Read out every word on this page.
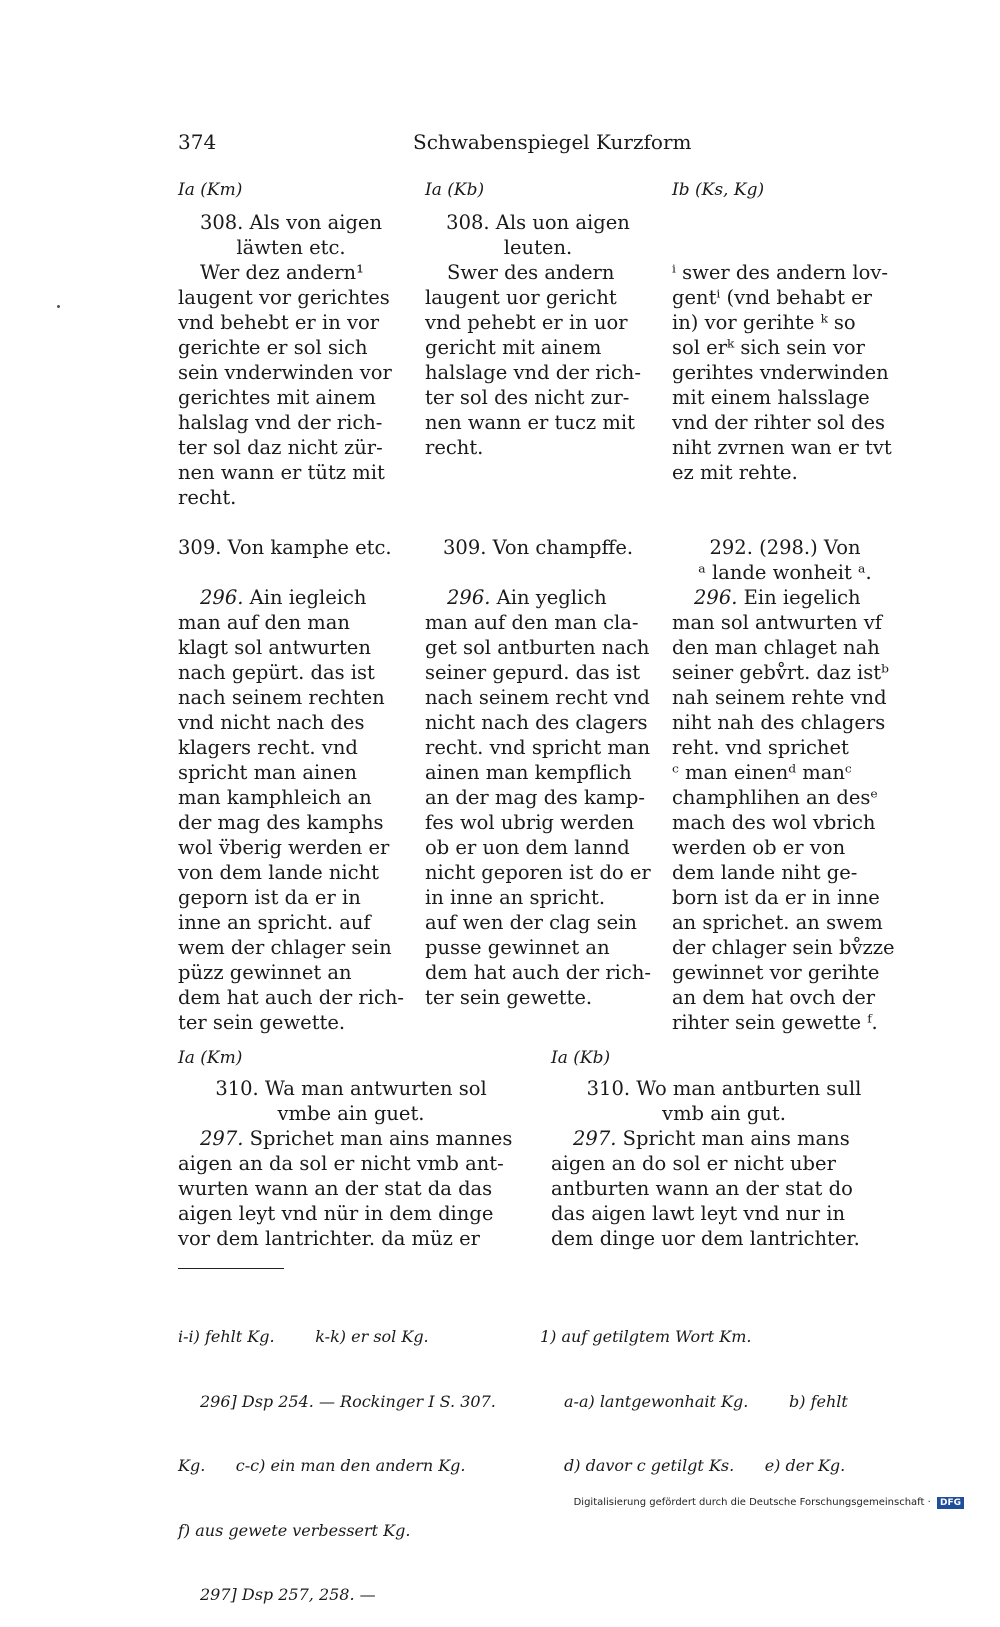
374	Schwabenspiegel Kurzform
Ia (Km)	Ia (Kb)	Ib (Ks, Kg)
308. Als von aigen
läwten etc.
Wer dez andern¹
laugent vor gerichtes
vnd behebt er in vor
gerichte er sol sich
sein vnderwinden vor
gerichtes mit ainem
halslag vnd der rich-
ter sol daz nicht zür-
nen wann er tütz mit
recht.
308. Als uon aigen
leuten.
Swer des andern
laugent uor gericht
vnd pehebt er in uor
gericht mit ainem
halslage vnd der rich-
ter sol des nicht zur-
nen wann er tucz mit
recht.
ⁱ swer des andern lov-
gentⁱ (vnd behabt er
in) vor gerihte ᵏ so
sol erᵏ sich sein vor
gerihtes vnderwinden
mit einem halsslage
vnd der rihter sol des
niht zvrnen wan er tvt
ez mit rehte.
309. Von kamphe etc.
296. Ain iegleich
man auf den man
klagt sol antwurten
nach gepürt. das ist
nach seinem rechten
vnd nicht nach des
klagers recht. vnd
spricht man ainen
man kamphleich an
der mag des kamphs
wol v̈berig werden er
von dem lande nicht
geporn ist da er in
inne an spricht. auf
wem der chlager sein
püzz gewinnet an
dem hat auch der rich-
ter sein gewette.
309. Von champffe.
296. Ain yeglich
man auf den man cla-
get sol antburten nach
seiner gepurd. das ist
nach seinem recht vnd
nicht nach des clagers
recht. vnd spricht man
ainen man kempflich
an der mag des kamp-
fes wol ubrig werden
ob er uon dem lannd
nicht geporen ist do er
in inne an spricht.
auf wen der clag sein
pusse gewinnet an
dem hat auch der rich-
ter sein gewette.
292. (298.) Von
ᵃ lande wonheit ᵃ.
296. Ein iegelich
man sol antwurten vf
den man chlaget nah
seiner gebv̊rt. daz istᵇ
nah seinem rehte vnd
niht nah des chlagers
reht. vnd sprichet
ᶜ man einenᵈ manᶜ
champhlihen an desᵉ
mach des wol vbrich
werden ob er von
dem lande niht ge-
born ist da er in inne
an sprichet. an swem
der chlager sein bv̊zze
gewinnet vor gerihte
an dem hat ovch der
rihter sein gewette ᶠ.
Ia (Km)	Ia (Kb)
310. Wa man antwurten sol
vmbe ain guet.
297. Sprichet man ains mannes
aigen an da sol er nicht vmb ant-
wurten wann an der stat da das
aigen leyt vnd nür in dem dinge
vor dem lantrichter. da müz er
310. Wo man antburten sull
vmb ain gut.
297. Spricht man ains mans
aigen an do sol er nicht uber
antburten wann an der stat do
das aigen lawt leyt vnd nur in
dem dinge uor dem lantrichter.

i-i) fehlt Kg.        k-k) er sol Kg.

296] Dsp 254. — Rockinger I S. 307.

Kg.      c-c) ein man den andern Kg.

f) aus gewete verbessert Kg.

297] Dsp 257, 258. —

1) auf getilgtem Wort Km.

a-a) lantgewonhait Kg.        b) fehlt

d) davor c getilgt Ks.      e) der Kg.

Digitalisierung gefördert durch die Deutsche Forschungsgemeinschaft · DFG
